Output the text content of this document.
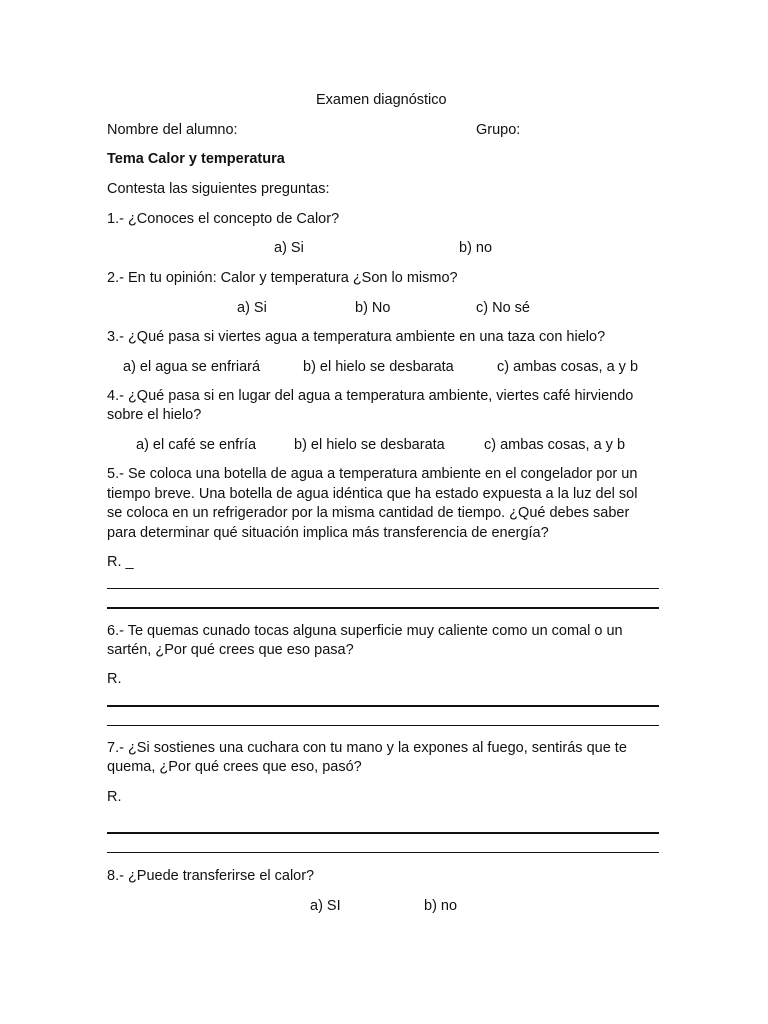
Examen diagnóstico
Nombre del alumno:	Grupo:
Tema Calor y temperatura
Contesta las siguientes preguntas:
1.- ¿Conoces el concepto de Calor?
a) Si	b) no
2.- En tu opinión: Calor y temperatura ¿Son lo mismo?
a) Si	b) No	c) No sé
3.- ¿Qué pasa si viertes agua a temperatura ambiente en una taza con hielo?
a) el agua se enfriará	b) el hielo se desbarata	c) ambas cosas, a y b
4.- ¿Qué pasa si en lugar del agua a temperatura ambiente, viertes café hirviendo
sobre el hielo?
a) el café se enfría	b) el hielo se desbarata	c) ambas cosas, a y b
5.- Se coloca una botella de agua a temperatura ambiente en el congelador por un
tiempo breve. Una botella de agua idéntica que ha estado expuesta a la luz del sol
se coloca en un refrigerador por la misma cantidad de tiempo. ¿Qué debes saber
para determinar qué situación implica más transferencia de energía?
R. _
6.- Te quemas cunado tocas alguna superficie muy caliente como un comal o un
sartén, ¿Por qué crees que eso pasa?
R.
7.- ¿Si sostienes una cuchara con tu mano y la expones al fuego, sentirás que te
quema, ¿Por qué crees que eso, pasó?
R.
8.- ¿Puede transferirse el calor?
a) SI	b) no
